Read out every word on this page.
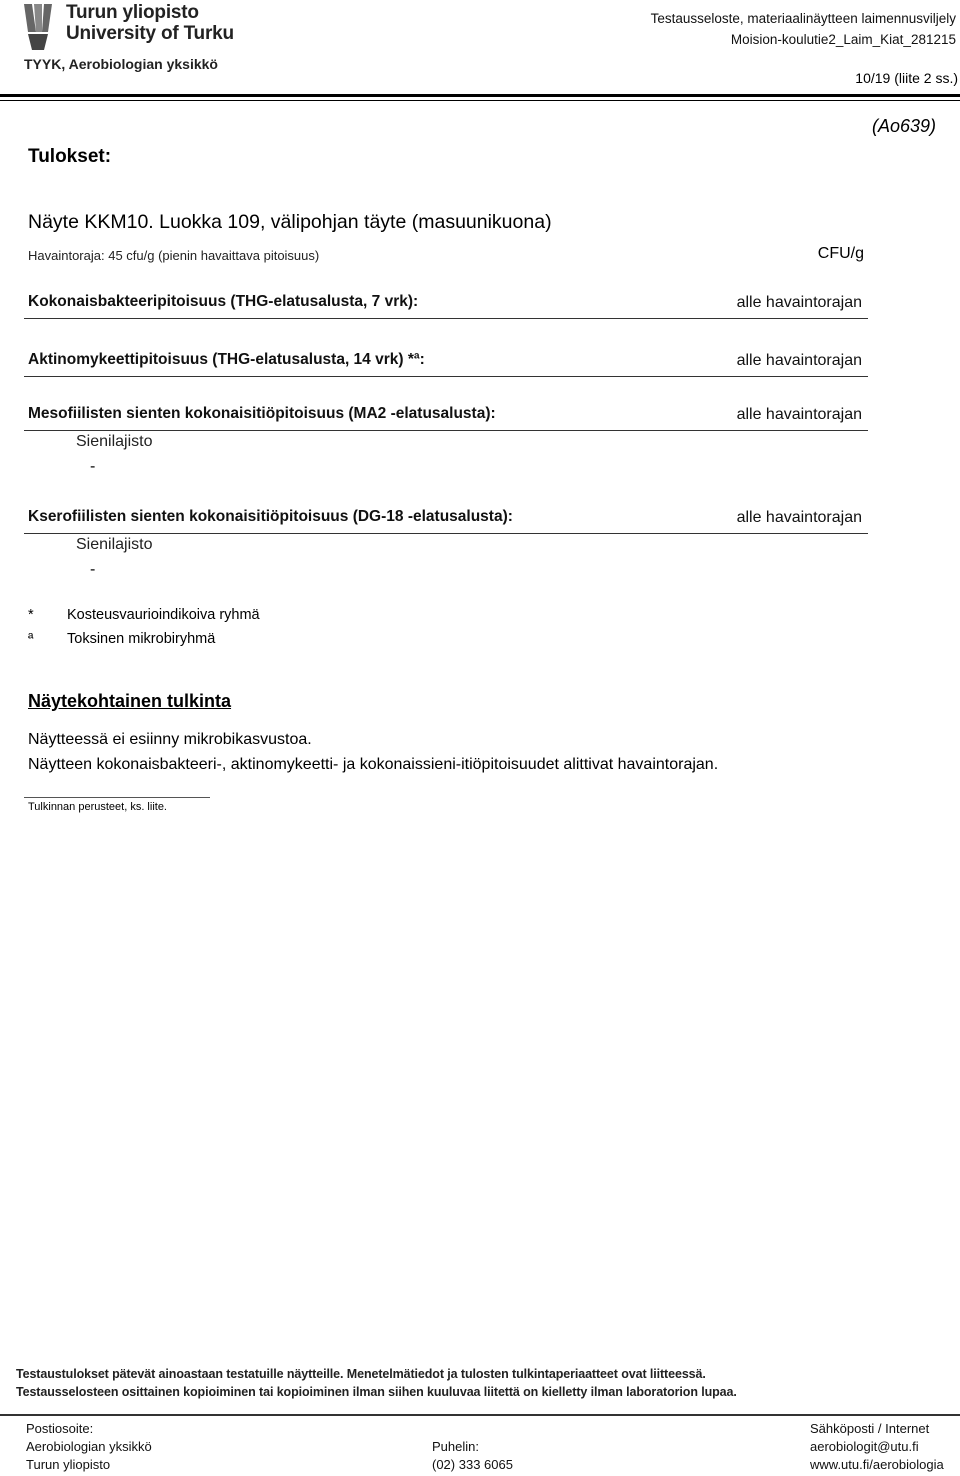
Turun yliopisto
University of Turku
TYYK, Aerobiologian yksikkö
Testausseloste, materiaalinäytteen laimennusviljely
Moision-koulutie2_Laim_Kiat_281215
10/19 (liite 2 ss.)
Tulokset:
(Ao639)
Näyte KKM10. Luokka 109, välipohjan täyte (masuunikuona)
Havaintoraja: 45 cfu/g (pienin havaittava pitoisuus)	CFU/g
Kokonaisbakteeripitoisuus (THG-elatusalusta, 7 vrk):	alle havaintorajan
Aktinomykeettipitoisuus (THG-elatusalusta, 14 vrk) *ª:	alle havaintorajan
Mesofiilisten sienten kokonaisitiöpitoisuus (MA2 -elatusalusta):	alle havaintorajan
Sienilajisto
-
Kserofiilisten sienten kokonaisitiöpitoisuus (DG-18 -elatusalusta):	alle havaintorajan
Sienilajisto
-
* Kosteusvaurioindikoiva ryhmä
ª Toksinen mikrobiryhmä
Näytekohtainen tulkinta
Näytteessä ei esiinny mikrobikasvustoa.
Näytteen kokonaisbakteeri-, aktinomykeetti- ja kokonaissieni-itiöpitoisuudet alittivat havaintorajan.
Tulkinnan perusteet, ks. liite.
Testaustulokset pätevät ainoastaan testatuille näytteille. Menetelmätiedot ja tulosten tulkintaperiaatteet ovat liitteessä.
Testausselosteen osittainen kopioiminen tai kopioiminen ilman siihen kuuluvaa liitettä on kielletty ilman laboratorion lupaa.
Postiosoite:
Aerobiologian yksikkö
Turun yliopisto
Puhelin:
(02) 333 6065
Sähköposti / Internet
aerobiologit@utu.fi
www.utu.fi/aerobiologia
